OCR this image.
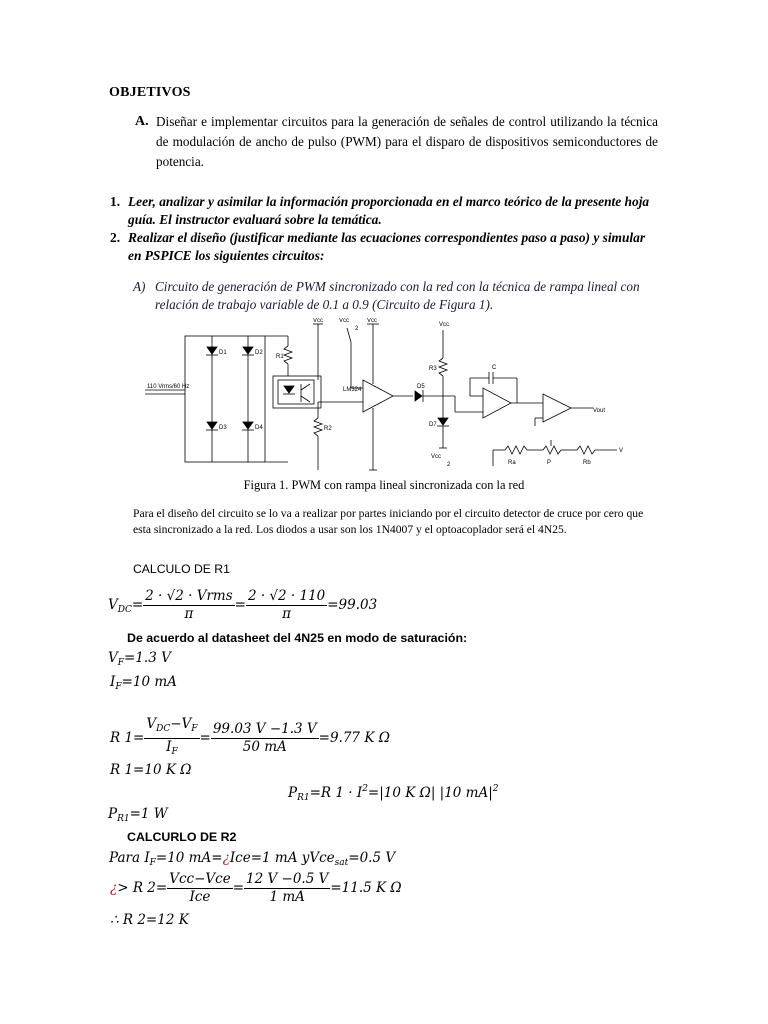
OBJETIVOS
A. Diseñar e implementar circuitos para la generación de señales de control utilizando la técnica de modulación de ancho de pulso (PWM) para el disparo de dispositivos semiconductores de potencia.
1. Leer, analizar y asimilar la información proporcionada en el marco teórico de la presente hoja guía. El instructor evaluará sobre la temática.
2. Realizar el diseño (justificar mediante las ecuaciones correspondientes paso a paso) y simular en PSPICE los siguientes circuitos:
A) Circuito de generación de PWM sincronizado con la red con la técnica de rampa lineal con relación de trabajo variable de 0.1 a 0.9 (Circuito de Figura 1).
Vcc	Vcc
2
Vcc
Vcc
D1	D2
D3	D4
D5
D7
R1
R2
R3	C
110 Vrms/60 Hz	LM324
Vout
Ra	P	Rb
V
Vcc
2
Figura 1. PWM con rampa lineal sincronizada con la red
Para el diseño del circuito se lo va a realizar por partes iniciando por el circuito detector de cruce por cero que esta sincronizado a la red. Los diodos a usar son los 1N4007 y el optoacoplador será el 4N25.
CALCULO DE R1
$V_{DC}= \frac{\text{2 · √2 · Vrms}}{\pi} = \frac{2 \cdot √2 \cdot 110}{\pi} =99.03$
De acuerdo al datasheet del 4N25 en modo de saturación:
$V_F=1.3$ V
$I_F=10$ mA
R $1= \frac{V_{DC}-V_F}{I_F} = \frac{99.03 V -1.3 V}{50 mA} =9.77$ K Ω
R 1=10 K Ω
$P_{R1}=R$ $1 \cdot I^2=|10$ K Ω| |10 $mA|^2$
$P_{R1}=1$ W
CALCURLO DE R2
Para $I_F=10$ mA=¿Ice=1 mA yVce$_{sat}$=0.5 V
¿> R $2= \frac{\text{Vcc−Vce}}{\text{Ice}} = \frac{12 V -0.5 V}{1 mA} =11.5$ K Ω
∴ R 2=12 K
